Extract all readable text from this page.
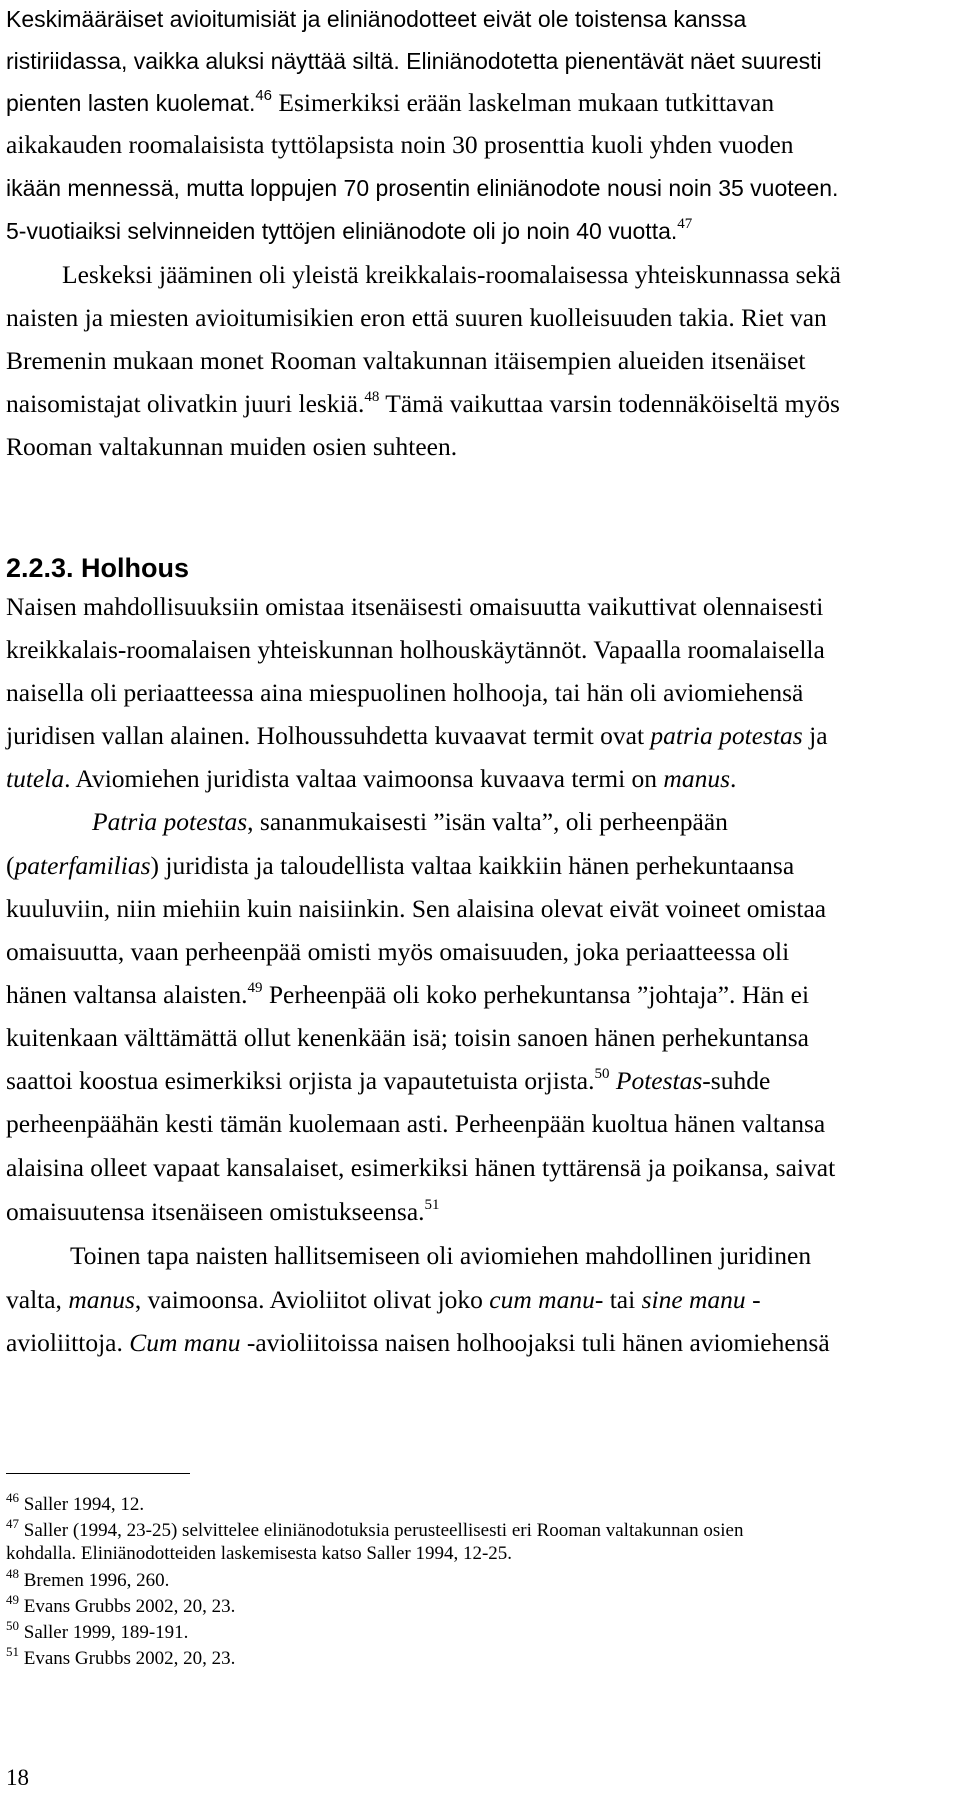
Keskimääräiset avioitumisiät ja eliniänodotteet eivät ole toistensa kanssa
ristiriidassa, vaikka aluksi näyttää siltä. Eliniänodotetta pienentävät näet suuresti
pienten lasten kuolemat.$^{46}$ Esimerkiksi erään laskelman mukaan tutkittavan
aikakauden roomalaisista tyttölapsista noin 30 prosenttia kuoli yhden vuoden
ikään mennessä, mutta loppujen 70 prosentin eliniänodote nousi noin 35 vuoteen.
5-vuotiaiksi selvinneiden tyttöjen eliniänodote oli jo noin 40 vuotta.$^{47}$
Leskeksi jääminen oli yleistä kreikkalais-roomalaisessa yhteiskunnassa sekä
naisten ja miesten avioitumisikien eron että suuren kuolleisuuden takia. Riet van
Bremenin mukaan monet Rooman valtakunnan itäisempien alueiden itsenäiset
naisomistajat olivatkin juuri leskiä.$^{48}$ Tämä vaikuttaa varsin todennäköiseltä myös
Rooman valtakunnan muiden osien suhteen.
2.2.3. Holhous
Naisen mahdollisuuksiin omistaa itsenäisesti omaisuutta vaikuttivat olennaisesti
kreikkalais-roomalaisen yhteiskunnan holhouskäytännöt. Vapaalla roomalaisella
naisella oli periaatteessa aina miespuolinen holhooja, tai hän oli aviomiehensä
juridisen vallan alainen. Holhoussuhdetta kuvaavat termit ovat patria potestas ja
tutela. Aviomiehen juridista valtaa vaimoonsa kuvaava termi on manus.
Patria potestas, sananmukaisesti ”isän valta”, oli perheenpään
(paterfamilias) juridista ja taloudellista valtaa kaikkiin hänen perhekuntaansa
kuuluviin, niin miehiin kuin naisiinkin. Sen alaisina olevat eivät voineet omistaa
omaisuutta, vaan perheenpää omisti myös omaisuuden, joka periaatteessa oli
hänen valtansa alaisten.$^{49}$ Perheenpää oli koko perhekuntansa ”johtaja”. Hän ei
kuitenkaan välttämättä ollut kenenkään isä; toisin sanoen hänen perhekuntansa
saattoi koostua esimerkiksi orjista ja vapautetuista orjista.$^{50}$ Potestas-suhde
perheenpäähän kesti tämän kuolemaan asti. Perheenpään kuoltua hänen valtansa
alaisina olleet vapaat kansalaiset, esimerkiksi hänen tyttärensä ja poikansa, saivat
omaisuutensa itsenäiseen omistukseensa.$^{51}$
Toinen tapa naisten hallitsemiseen oli aviomiehen mahdollinen juridinen
valta, manus, vaimoonsa. Avioliitot olivat joko cum manu- tai sine manu -
avioliittoja. Cum manu -avioliitoissa naisen holhoojaksi tuli hänen aviomiehensä
$^{46}$ Saller 1994, 12.
$^{47}$ Saller (1994, 23-25) selvittelee eliniänodotuksia perusteellisesti eri Rooman valtakunnan osien
kohdalla. Eliniänodotteiden laskemisesta katso Saller 1994, 12-25.
$^{48}$ Bremen 1996, 260.
$^{49}$ Evans Grubbs 2002, 20, 23.
$^{50}$ Saller 1999, 189-191.
$^{51}$ Evans Grubbs 2002, 20, 23.
18
